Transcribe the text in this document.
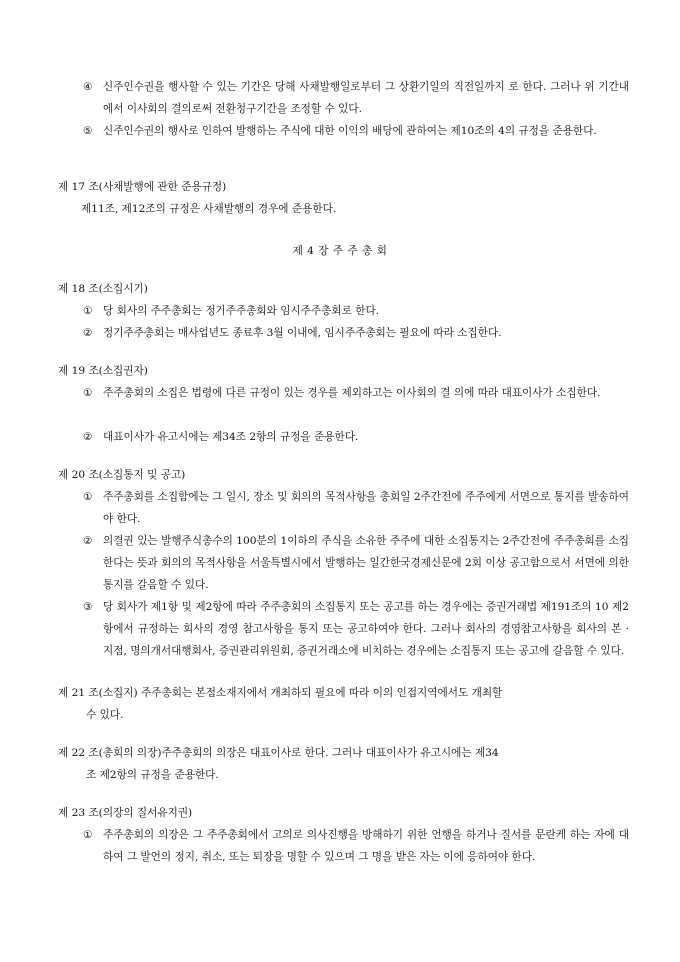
④ 신주인수권을 행사할 수 있는 기간은 당해 사채발행일로부터 그 상환기일의 직전일까지 로 한다. 그러나 위 기간내에서 이사회의 결의로써 전환청구기간을 조정할 수 있다.
⑤ 신주인수권의 행사로 인하여 발행하는 주식에 대한 이익의 배당에 관하여는 제10조의 4의 규정을 준용한다.
제 17 조(사채발행에 관한 준용규정)
제11조, 제12조의 규정은 사채발행의 경우에 준용한다.
제 4 장 주 주 총 회
제 18 조(소집시기)
① 당 회사의 주주총회는 정기주주총회와 임시주주총회로 한다.
② 정기주주총회는 매사업년도 종료후 3월 이내에, 임시주주총회는 필요에 따라 소집한다.
제 19 조(소집권자)
① 주주총회의 소집은 법령에 다른 규정이 있는 경우를 제외하고는 이사회의 결 의에 따라 대표이사가 소집한다.
② 대표이사가 유고시에는 제34조 2항의 규정을 준용한다.
제 20 조(소집통지 및 공고)
① 주주총회를 소집함에는 그 일시, 장소 및 회의의 목적사항을 총회일 2주간전에 주주에게 서면으로 통지를 발송하여야 한다.
② 의결권 있는 발행주식총수의 100분의 1이하의 주식을 소유한 주주에 대한 소집통지는 2주간전에 주주총회를 소집한다는 뜻과 회의의 목적사항을 서울특별시에서 발행하는 일간한국경제신문에 2회 이상 공고함으로서 서면에 의한 통지를 갈음할 수 있다.
③ 당 회사가 제1항 및 제2항에 따라 주주총회의 소집통지 또는 공고를 하는 경우에는 증권거래법 제191조의 10 제2항에서 규정하는 회사의 경영 참고사항을 통지 또는 공고하여야 한다. 그러나 회사의 경영참고사항을 회사의 본 · 지점, 명의개서대행회사, 증권관리위원회, 증권거래소에 비치하는 경우에는 소집통지 또는 공고에 갈음할 수 있다.
제 21 조(소집지) 주주총회는 본점소재지에서 개최하되 필요에 따라 이의 인접지역에서도 개최할
수 있다.
제 22 조(총회의 의장)주주총회의 의장은 대표이사로 한다. 그러나 대표이사가 유고시에는 제34
조 제2항의 규정을 준용한다.
제 23 조(의장의 질서유지권)
① 주주총회의 의장은 그 주주총회에서 고의로 의사진행을 방해하기 위한 언행을 하거나 질서를 문란케 하는 자에 대하여 그 발언의 정지, 취소, 또는 퇴장을 명할 수 있으며 그 명을 받은 자는 이에 응하여야 한다.
